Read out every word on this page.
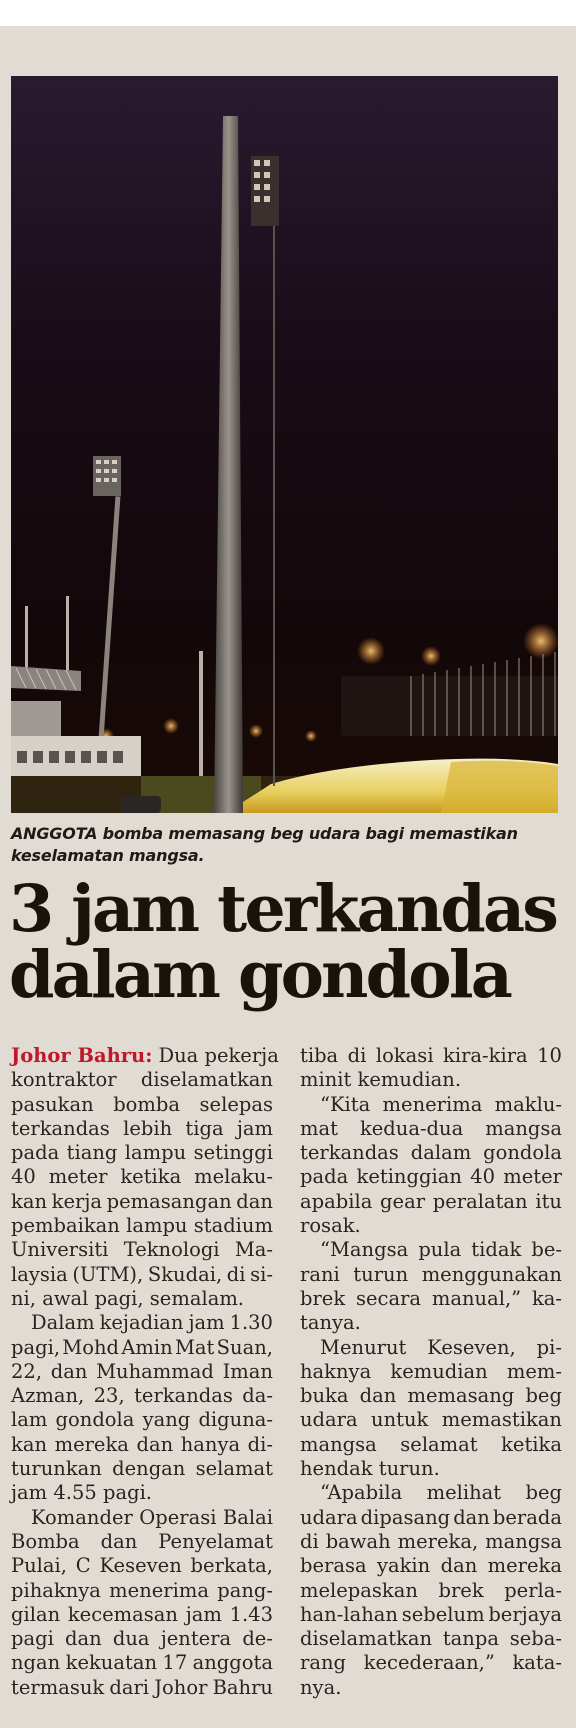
ANGGOTA bomba memasang beg udara bagi memastikan
keselamatan mangsa.
3 jam terkandas
dalam gondola
Johor Bahru: Dua pekerja
kontraktor diselamatkan
pasukan bomba selepas
terkandas lebih tiga jam
pada tiang lampu setinggi
40 meter ketika melaku-
kan kerja pemasangan dan
pembaikan lampu stadium
Universiti Teknologi Ma-
laysia (UTM), Skudai, di si-
ni, awal pagi, semalam.
Dalam kejadian jam 1.30
pagi, Mohd Amin Mat Suan,
22, dan Muhammad Iman
Azman, 23, terkandas da-
lam gondola yang diguna-
kan mereka dan hanya di-
turunkan dengan selamat
jam 4.55 pagi.
Komander Operasi Balai
Bomba dan Penyelamat
Pulai, C Keseven berkata,
pihaknya menerima pang-
gilan kecemasan jam 1.43
pagi dan dua jentera de-
ngan kekuatan 17 anggota
termasuk dari Johor Bahru
tiba di lokasi kira-kira 10
minit kemudian.
“Kita menerima maklu-
mat kedua-dua mangsa
terkandas dalam gondola
pada ketinggian 40 meter
apabila gear peralatan itu
rosak.
“Mangsa pula tidak be-
rani turun menggunakan
brek secara manual,” ka-
tanya.
Menurut Keseven, pi-
haknya kemudian mem-
buka dan memasang beg
udara untuk memastikan
mangsa selamat ketika
hendak turun.
“Apabila melihat beg
udara dipasang dan berada
di bawah mereka, mangsa
berasa yakin dan mereka
melepaskan brek perla-
han-lahan sebelum berjaya
diselamatkan tanpa seba-
rang kecederaan,” kata-
nya.
